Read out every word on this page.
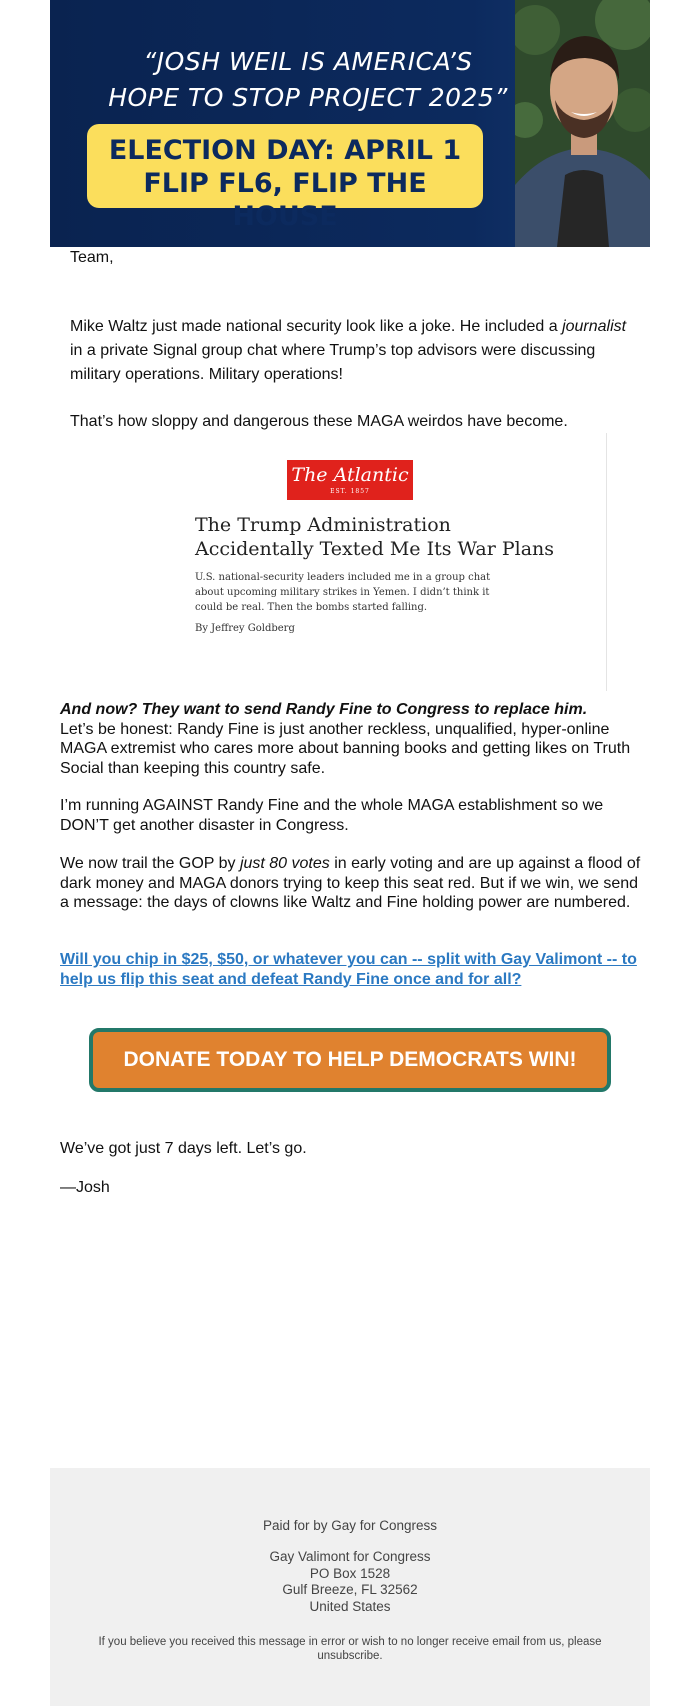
“JOSH WEIL IS AMERICA’S
HOPE TO STOP PROJECT 2025”
ELECTION DAY: APRIL 1
FLIP FL6, FLIP THE HOUSE
Team,
Mike Waltz just made national security look like a joke. He included a journalist in a private Signal group chat where Trump’s top advisors were discussing military operations. Military operations!
That’s how sloppy and dangerous these MAGA weirdos have become.
The Atlantic
EST. 1857
The Trump Administration
Accidentally Texted Me Its War Plans
U.S. national-security leaders included me in a group chat about upcoming military strikes in Yemen. I didn’t think it could be real. Then the bombs started falling.
By Jeffrey Goldberg
And now? They want to send Randy Fine to Congress to replace him.
Let’s be honest: Randy Fine is just another reckless, unqualified, hyper-online MAGA extremist who cares more about banning books and getting likes on Truth Social than keeping this country safe.
I’m running AGAINST Randy Fine and the whole MAGA establishment so we DON’T get another disaster in Congress.
We now trail the GOP by just 80 votes in early voting and are up against a flood of dark money and MAGA donors trying to keep this seat red. But if we win, we send a message: the days of clowns like Waltz and Fine holding power are numbered.
Will you chip in $25, $50, or whatever you can -- split with Gay Valimont -- to help us flip this seat and defeat Randy Fine once and for all?
DONATE TODAY TO HELP DEMOCRATS WIN!
We’ve got just 7 days left. Let’s go.
—Josh
Paid for by Gay for Congress
Gay Valimont for Congress
PO Box 1528
Gulf Breeze, FL 32562
United States
If you believe you received this message in error or wish to no longer receive email from us, please unsubscribe.
